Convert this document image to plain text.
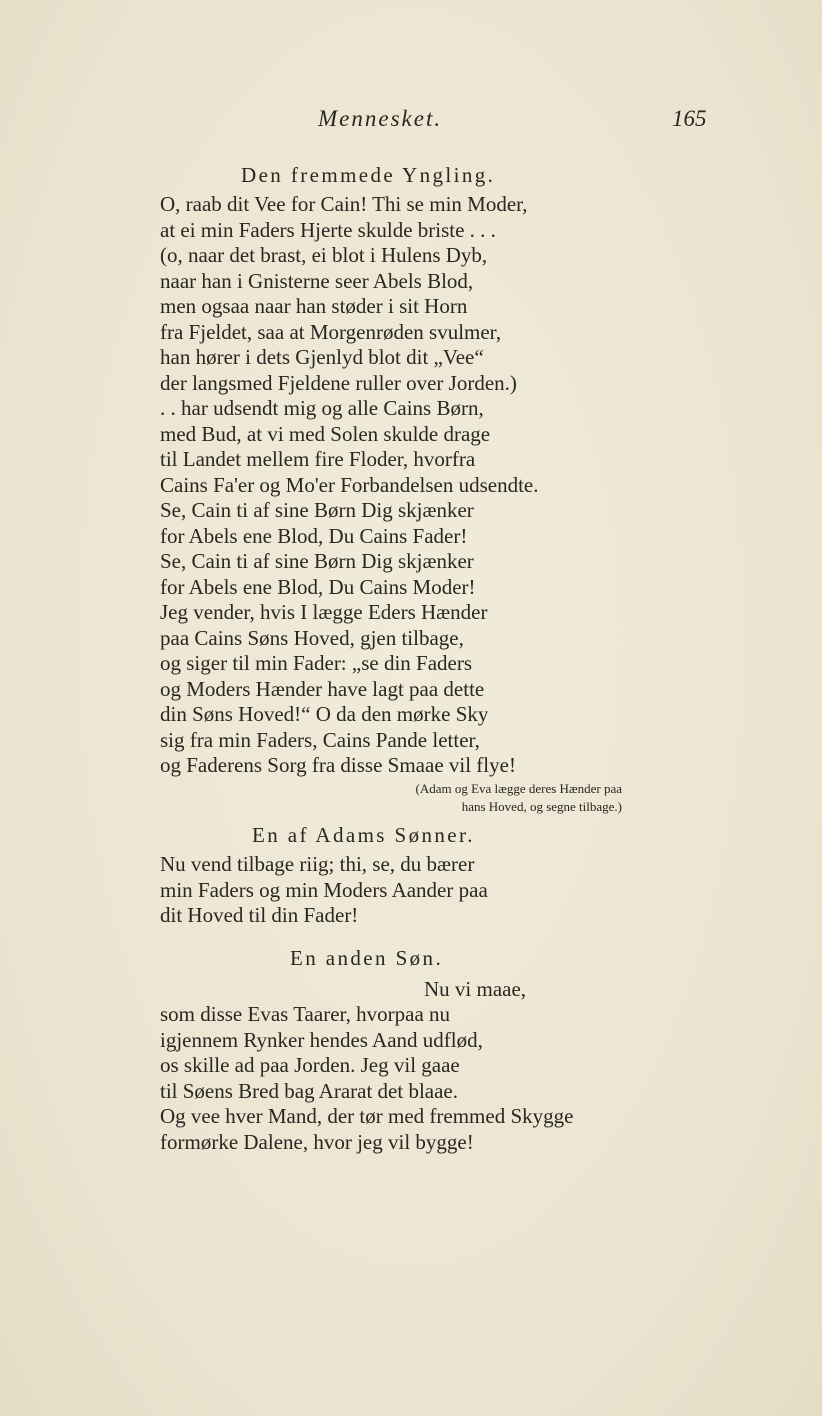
Mennesket.	165
Den fremmede Yngling.
O, raab dit Vee for Cain! Thi se min Moder,
at ei min Faders Hjerte skulde briste . . .
(o, naar det brast, ei blot i Hulens Dyb,
naar han i Gnisterne seer Abels Blod,
men ogsaa naar han støder i sit Horn
fra Fjeldet, saa at Morgenrøden svulmer,
han hører i dets Gjenlyd blot dit „Vee“
der langsmed Fjeldene ruller over Jorden.)
. . har udsendt mig og alle Cains Børn,
med Bud, at vi med Solen skulde drage
til Landet mellem fire Floder, hvorfra
Cains Fa'er og Mo'er Forbandelsen udsendte.
Se, Cain ti af sine Børn Dig skjænker
for Abels ene Blod, Du Cains Fader!
Se, Cain ti af sine Børn Dig skjænker
for Abels ene Blod, Du Cains Moder!
Jeg vender, hvis I lægge Eders Hænder
paa Cains Søns Hoved, gjen tilbage,
og siger til min Fader: „se din Faders
og Moders Hænder have lagt paa dette
din Søns Hoved!“ O da den mørke Sky
sig fra min Faders, Cains Pande letter,
og Faderens Sorg fra disse Smaae vil flye!
(Adam og Eva lægge deres Hænder paa
hans Hoved, og segne tilbage.)
En af Adams Sønner.
Nu vend tilbage riig; thi, se, du bærer
min Faders og min Moders Aander paa
dit Hoved til din Fader!
En anden Søn.
Nu vi maae,
som disse Evas Taarer, hvorpaa nu
igjennem Rynker hendes Aand udflød,
os skille ad paa Jorden. Jeg vil gaae
til Søens Bred bag Ararat det blaae.
Og vee hver Mand, der tør med fremmed Skygge
formørke Dalene, hvor jeg vil bygge!
